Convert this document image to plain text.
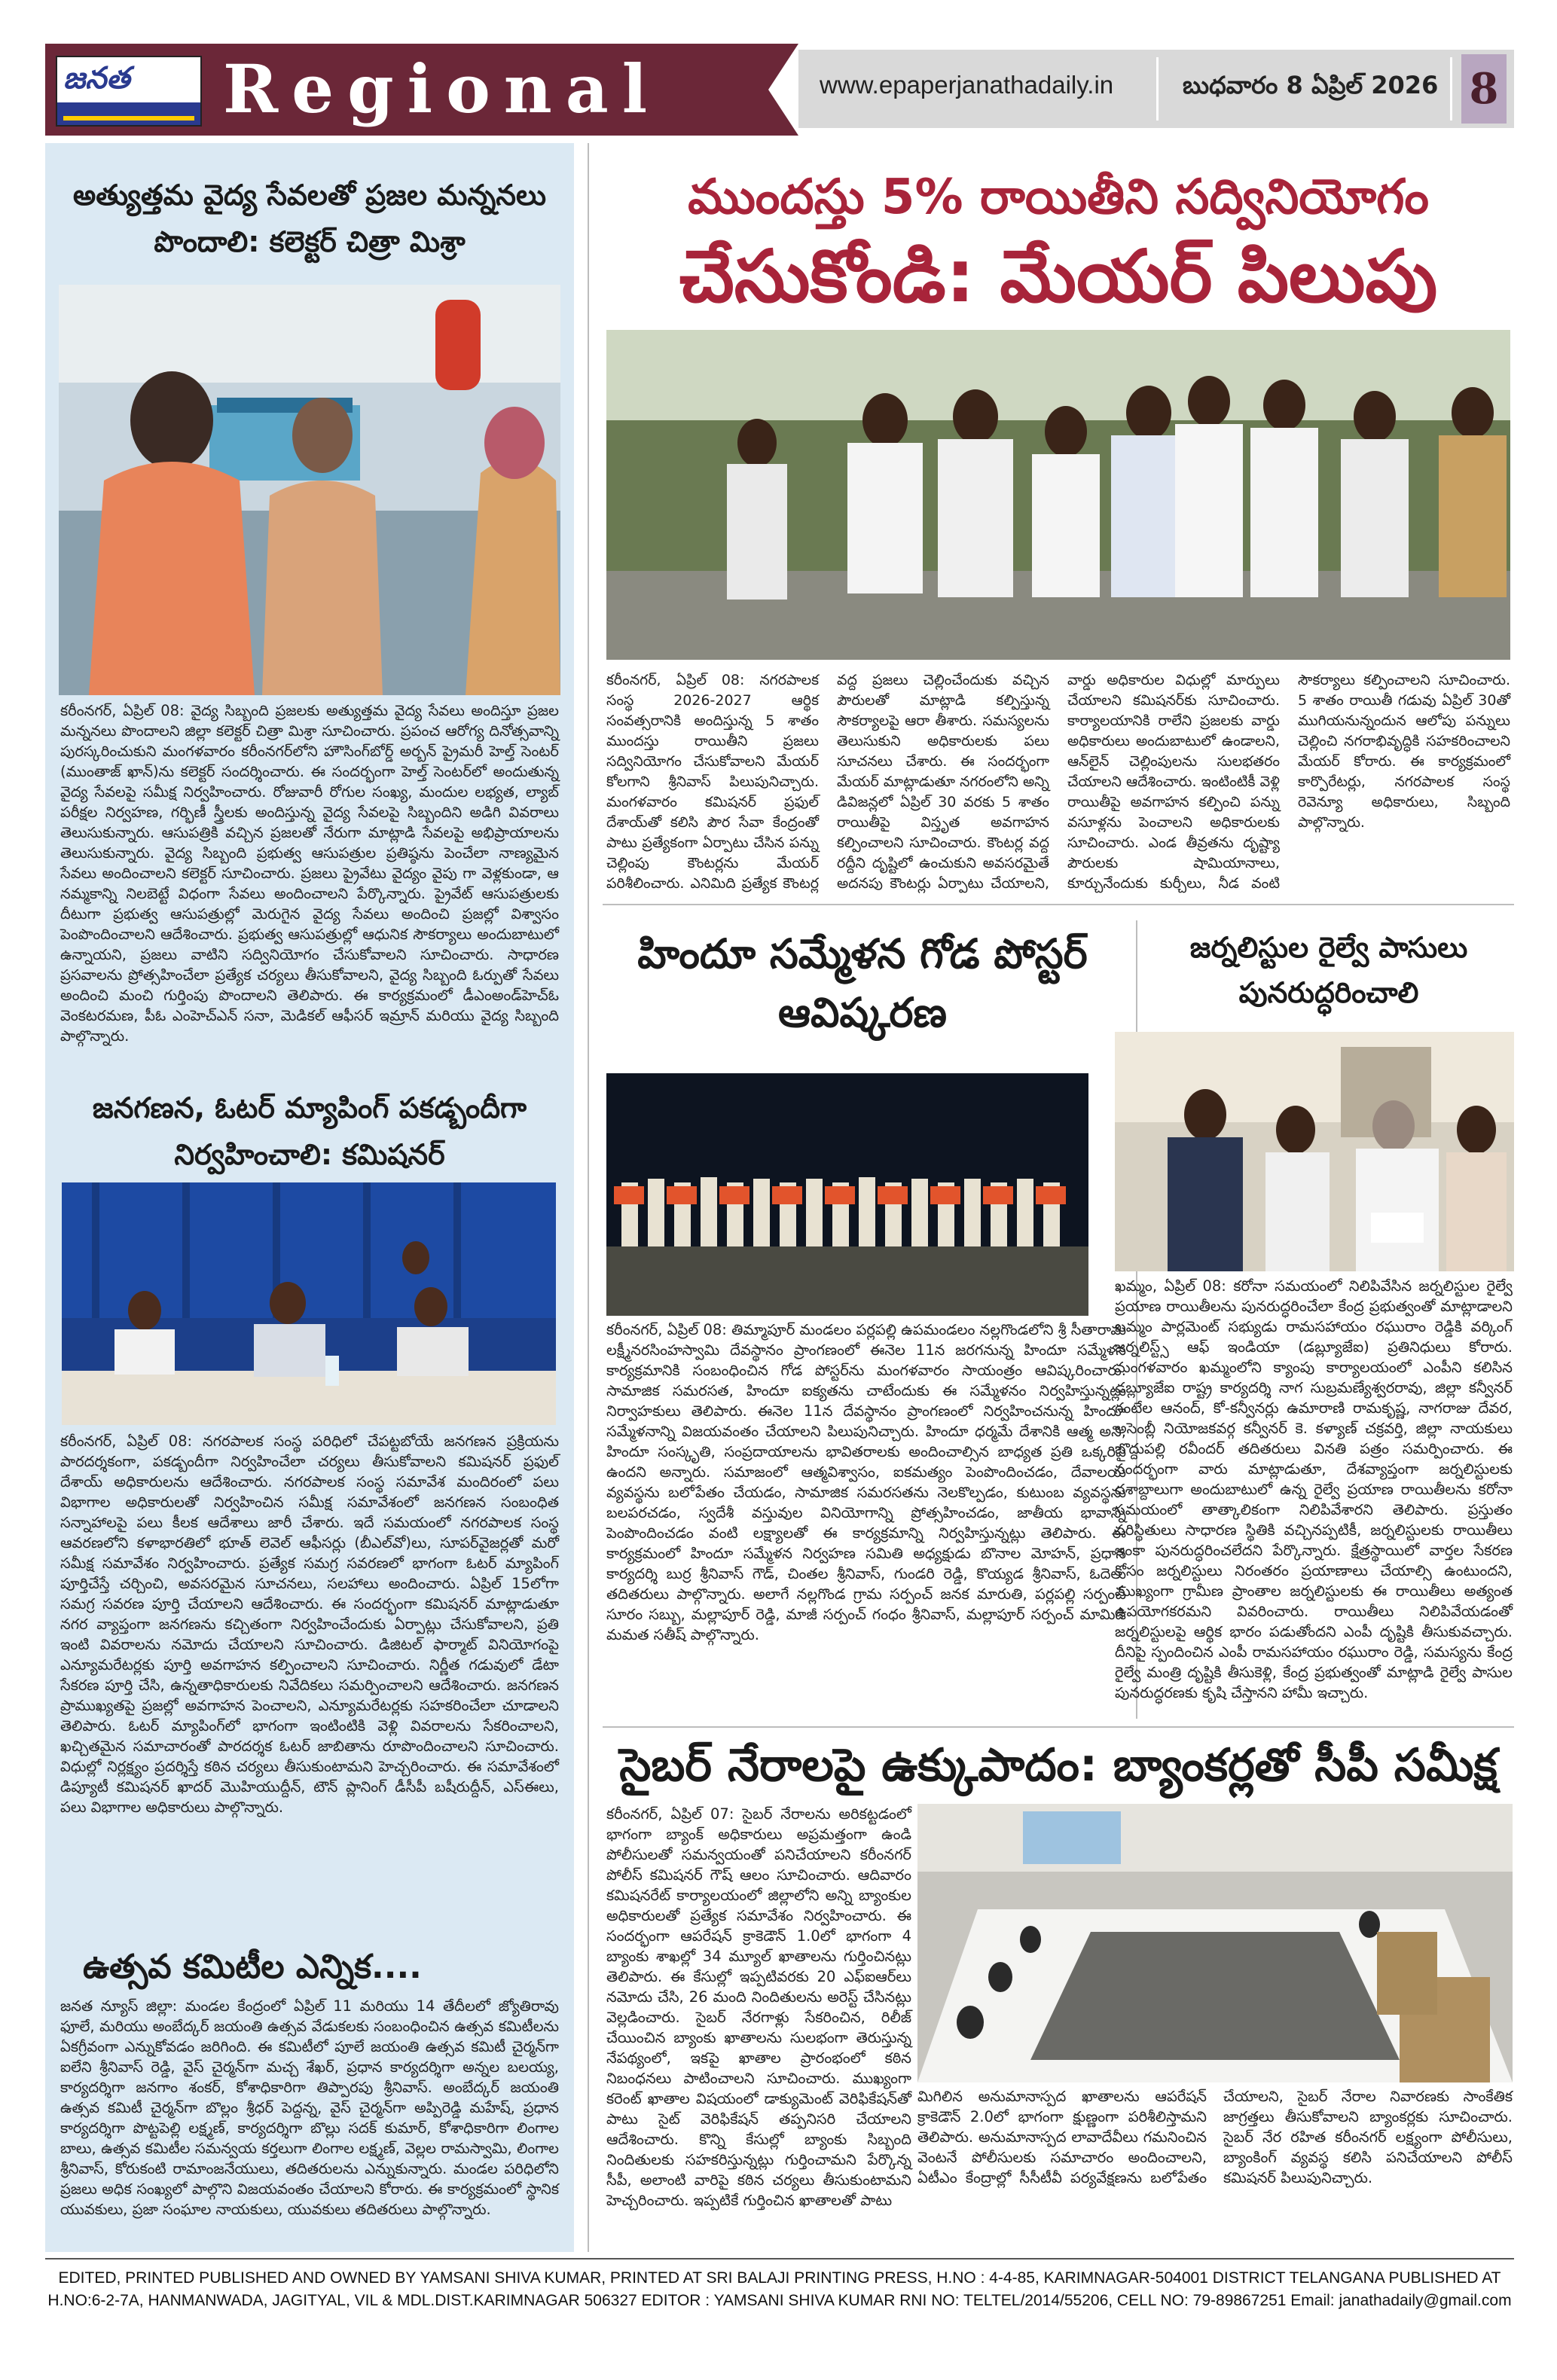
జనత Regional	www.epaperjanathadaily.in	బుధవారం 8 ఏప్రిల్ 2026 8
అత్యుత్తమ వైద్య సేవలతో ప్రజల మన్ననలు పొందాలి: కలెక్టర్ చిత్రా మిశ్రా
కరీంనగర్, ఏప్రిల్ 08: వైద్య సిబ్బంది ప్రజలకు అత్యుత్తమ వైద్య సేవలు అందిస్తూ ప్రజల మన్ననలు పొందాలని జిల్లా కలెక్టర్ చిత్రా మిశ్రా సూచించారు. ప్రపంచ ఆరోగ్య దినోత్సవాన్ని పురస్కరించుకుని మంగళవారం కరీంనగర్‌లోని హౌసింగ్‌బోర్డ్ అర్బన్ ప్రైమరీ హెల్త్ సెంటర్ (ముంతాజ్ ఖాన్)ను కలెక్టర్ సందర్శించారు. ఈ సందర్భంగా హెల్త్ సెంటర్‌లో అందుతున్న వైద్య సేవలపై సమీక్ష నిర్వహించారు. రోజువారీ రోగుల సంఖ్య, మందుల లభ్యత, ల్యాబ్ పరీక్షల నిర్వహణ, గర్భిణీ స్త్రీలకు అందిస్తున్న వైద్య సేవలపై సిబ్బందిని అడిగి వివరాలు తెలుసుకున్నారు. ఆసుపత్రికి వచ్చిన ప్రజలతో నేరుగా మాట్లాడి సేవలపై అభిప్రాయాలను తెలుసుకున్నారు. వైద్య సిబ్బంది ప్రభుత్వ ఆసుపత్రుల ప్రతిష్ఠను పెంచేలా నాణ్యమైన సేవలు అందించాలని కలెక్టర్ సూచించారు. ప్రజలు ప్రైవేటు వైద్యం వైపు గా వెళ్లకుండా, ఆ నమ్మకాన్ని నిలబెట్టే విధంగా సేవలు అందించాలని పేర్కొన్నారు. ప్రైవేట్ ఆసుపత్రులకు దీటుగా ప్రభుత్వ ఆసుపత్రుల్లో మెరుగైన వైద్య సేవలు అందించి ప్రజల్లో విశ్వాసం పెంపొందించాలని ఆదేశించారు. ప్రభుత్వ ఆసుపత్రుల్లో ఆధునిక సౌకర్యాలు అందుబాటులో ఉన్నాయని, ప్రజలు వాటిని సద్వినియోగం చేసుకోవాలని సూచించారు. సాధారణ ప్రసవాలను ప్రోత్సహించేలా ప్రత్యేక చర్యలు తీసుకోవాలని, వైద్య సిబ్బంది ఓర్పుతో సేవలు అందించి మంచి గుర్తింపు పొందాలని తెలిపారు. ఈ కార్యక్రమంలో డీఎంఅండ్‌హెచ్ఓ వెంకటరమణ, పీఓ ఎంహెచ్ఎన్ సనా, మెడికల్ ఆఫీసర్ ఇమ్రాన్ మరియు వైద్య సిబ్బంది పాల్గొన్నారు.
జనగణన, ఓటర్ మ్యాపింగ్ పకడ్బందీగా నిర్వహించాలి: కమిషనర్
కరీంనగర్, ఏప్రిల్ 08: నగరపాలక సంస్థ పరిధిలో చేపట్టబోయే జనగణన ప్రక్రియను పారదర్శకంగా, పకడ్బందీగా నిర్వహించేలా చర్యలు తీసుకోవాలని కమిషనర్ ప్రఫుల్ దేశాయ్ అధికారులను ఆదేశించారు. నగరపాలక సంస్థ సమావేశ మందిరంలో పలు విభాగాల అధికారులతో నిర్వహించిన సమీక్ష సమావేశంలో జనగణన సంబంధిత సన్నాహాలపై పలు కీలక ఆదేశాలు జారీ చేశారు. ఇదే సమయంలో నగరపాలక సంస్థ ఆవరణలోని కళాభారతిలో భూత్ లెవెల్ ఆఫీసర్లు (బీఎల్‌వో)లు, సూపర్‌వైజర్లతో మరో సమీక్ష సమావేశం నిర్వహించారు. ప్రత్యేక సమగ్ర సవరణలో భాగంగా ఓటర్ మ్యాపింగ్ పూర్తిచేస్తే చర్చించి, అవసరమైన సూచనలు, సలహాలు అందించారు. ఏప్రిల్ 15లోగా సమగ్ర సవరణ పూర్తి చేయాలని ఆదేశించారు. ఈ సందర్భంగా కమిషనర్ మాట్లాడుతూ నగర వ్యాప్తంగా జనగణను కచ్చితంగా నిర్వహించేందుకు ఏర్పాట్లు చేసుకోవాలని, ప్రతి ఇంటి వివరాలను నమోదు చేయాలని సూచించారు. డిజిటల్ ఫార్మాట్ వినియోగంపై ఎన్యూమరేటర్లకు పూర్తి అవగాహన కల్పించాలని సూచించారు. నిర్ణీత గడువులో డేటా సేకరణ పూర్తి చేసి, ఉన్నతాధికారులకు నివేదికలు సమర్పించాలని ఆదేశించారు. జనగణన ప్రాముఖ్యతపై ప్రజల్లో అవగాహన పెంచాలని, ఎన్యూమరేటర్లకు సహకరించేలా చూడాలని తెలిపారు. ఓటర్ మ్యాపింగ్‌లో భాగంగా ఇంటింటికి వెళ్లి వివరాలను సేకరించాలని, ఖచ్చితమైన సమాచారంతో పారదర్శక ఓటర్ జాబితాను రూపొందించాలని సూచించారు. విధుల్లో నిర్లక్ష్యం ప్రదర్శిస్తే కఠిన చర్యలు తీసుకుంటామని హెచ్చరించారు. ఈ సమావేశంలో డిప్యూటీ కమిషనర్ ఖాదర్ మొహియుద్దీన్, టౌన్ ప్లానింగ్ డీసీపీ బషీరుద్దీన్, ఎస్ఈలు, పలు విభాగాల అధికారులు పాల్గొన్నారు.
ఉత్సవ కమిటీల ఎన్నిక....
జనత న్యూస్ జిల్లా: మండల కేంద్రంలో ఏప్రిల్ 11 మరియు 14 తేదీలలో జ్యోతిరావు ఫూలే, మరియు అంబేద్కర్ జయంతి ఉత్సవ వేడుకలకు సంబంధించిన ఉత్సవ కమిటీలను ఏకగ్రీవంగా ఎన్నుకోవడం జరిగింది. ఈ కమిటీలో పూలే జయంతి ఉత్సవ కమిటీ చైర్మన్‌గా ఐలేని శ్రీనివాస్ రెడ్డి, వైస్ చైర్మన్‌గా మచ్చ శేఖర్, ప్రధాన కార్యదర్శిగా అన్నల బలయ్య, కార్యదర్శిగా జనగాం శంకర్, కోశాధికారిగా తిప్పారపు శ్రీనివాస్. అంబేద్కర్ జయంతి ఉత్సవ కమిటీ చైర్మన్‌గా బొల్లం శ్రీధర్ పెద్దన్న, వైస్ చైర్మన్‌గా అప్పిరెడ్డి మహేష్, ప్రధాన కార్యదర్శిగా పొట్టపెల్లి లక్ష్మణ్, కార్యదర్శిగా బొల్లు సదక్ కుమార్, కోశాధికారిగా లింగాల బాలు, ఉత్సవ కమిటీల సమన్వయ కర్తలుగా లింగాల లక్ష్మణ్, వెల్లల రామస్వామి, లింగాల శ్రీనివాస్, కోరుకంటి రామాంజనేయులు, తదితరులను ఎన్నుకున్నారు. మండల పరిధిలోని ప్రజలు అధిక సంఖ్యలో పాల్గొని విజయవంతం చేయాలని కోరారు. ఈ కార్యక్రమంలో స్థానిక యువకులు, ప్రజా సంఘాల నాయకులు, యువకులు తదితరులు పాల్గొన్నారు.
ముందస్తు 5% రాయితీని సద్వినియోగం
చేసుకోండి: మేయర్ పిలుపు
కరీంనగర్, ఏప్రిల్ 08: నగరపాలక సంస్థ 2026-2027 ఆర్థిక సంవత్సరానికి అందిస్తున్న 5 శాతం ముందస్తు రాయితీని ప్రజలు సద్వినియోగం చేసుకోవాలని మేయర్ కోలగాని శ్రీనివాస్ పిలుపునిచ్చారు. మంగళవారం కమిషనర్ ప్రఫుల్ దేశాయ్‌తో కలిసి పౌర సేవా కేంద్రంతో పాటు ప్రత్యేకంగా ఏర్పాటు చేసిన పన్ను చెల్లింపు కౌంటర్లను మేయర్ పరిశీలించారు. ఎనిమిది ప్రత్యేక కౌంటర్ల వద్ద ప్రజలు చెల్లించేందుకు వచ్చిన పౌరులతో మాట్లాడి కల్పిస్తున్న సౌకర్యాలపై ఆరా తీశారు. సమస్యలను తెలుసుకుని అధికారులకు పలు సూచనలు చేశారు. ఈ సందర్భంగా మేయర్ మాట్లాడుతూ నగరంలోని అన్ని డివిజన్లలో ఏప్రిల్ 30 వరకు 5 శాతం రాయితీపై విస్తృత అవగాహన కల్పించాలని సూచించారు. కౌంటర్ల వద్ద రద్దీని దృష్టిలో ఉంచుకుని అవసరమైతే అదనపు కౌంటర్లు ఏర్పాటు చేయాలని, వార్డు అధికారుల విధుల్లో మార్పులు చేయాలని కమిషనర్‌కు సూచించారు. కార్యాలయానికి రాలేని ప్రజలకు వార్డు అధికారులు అందుబాటులో ఉండాలని, ఆన్‌లైన్ చెల్లింపులను సులభతరం చేయాలని ఆదేశించారు. ఇంటింటికీ వెళ్లి రాయితీపై అవగాహన కల్పించి పన్ను వసూళ్లను పెంచాలని అధికారులకు సూచించారు. ఎండ తీవ్రతను దృష్ట్యా పౌరులకు షామియానాలు, కూర్చునేందుకు కుర్చీలు, నీడ వంటి సౌకర్యాలు కల్పించాలని సూచించారు. 5 శాతం రాయితీ గడువు ఏప్రిల్ 30తో ముగియనున్నందున ఆలోపు పన్నులు చెల్లించి నగరాభివృద్ధికి సహకరించాలని మేయర్ కోరారు. ఈ కార్యక్రమంలో కార్పొరేటర్లు, నగరపాలక సంస్థ రెవెన్యూ అధికారులు, సిబ్బంది పాల్గొన్నారు.
హిందూ సమ్మేళన గోడ పోస్టర్ ఆవిష్కరణ
కరీంనగర్, ఏప్రిల్ 08: తిమ్మాపూర్ మండలం పర్లపల్లి ఉపమండలం నల్లగొండలోని శ్రీ సీతారామ లక్ష్మీనరసింహస్వామి దేవస్థానం ప్రాంగణంలో ఈనెల 11న జరగనున్న హిందూ సమ్మేళన కార్యక్రమానికి సంబంధించిన గోడ పోస్టర్‌ను మంగళవారం సాయంత్రం ఆవిష్కరించారు. సామాజిక సమరసత, హిందూ ఐక్యతను చాటేందుకు ఈ సమ్మేళనం నిర్వహిస్తున్నట్లు నిర్వాహకులు తెలిపారు. ఈనెల 11న దేవస్థానం ప్రాంగణంలో నిర్వహించనున్న హిందూ సమ్మేళనాన్ని విజయవంతం చేయాలని పిలుపునిచ్చారు. హిందూ ధర్మమే దేశానికి ఆత్మ అని, హిందూ సంస్కృతి, సంప్రదాయాలను భావితరాలకు అందించాల్సిన బాధ్యత ప్రతి ఒక్కరిపై ఉందని అన్నారు. సమాజంలో ఆత్మవిశ్వాసం, ఐకమత్యం పెంపొందించడం, దేవాలయ వ్యవస్థను బలోపేతం చేయడం, సామాజిక సమరసతను నెలకొల్పడం, కుటుంబ వ్యవస్థను బలపరచడం, స్వదేశీ వస్తువుల వినియోగాన్ని ప్రోత్సహించడం, జాతీయ భావాన్ని పెంపొందించడం వంటి లక్ష్యాలతో ఈ కార్యక్రమాన్ని నిర్వహిస్తున్నట్లు తెలిపారు. ఈ కార్యక్రమంలో హిందూ సమ్మేళన నిర్వహణ సమితి అధ్యక్షుడు బొనాల మోహన్, ప్రధాన కార్యదర్శి బుర్ర శ్రీనివాస్ గౌడ్, చింతల శ్రీనివాస్, గుండరి రెడ్డి, కొయ్యడ శ్రీనివాస్, ఓదెలు తదితరులు పాల్గొన్నారు. అలాగే నల్లగొండ గ్రామ సర్పంచ్ జనక మారుతి, పర్లపల్లి సర్పంచ్ సూరం సబ్బు, మల్లాపూర్ రెడ్డి, మాజీ సర్పంచ్ గంధం శ్రీనివాస్, మల్లాపూర్ సర్పంచ్ మామిడి మమత సతీష్ పాల్గొన్నారు.
జర్నలిస్టుల రైల్వే పాసులు పునరుద్ధరించాలి
ఖమ్మం, ఏప్రిల్ 08: కరోనా సమయంలో నిలిపివేసిన జర్నలిస్టుల రైల్వే ప్రయాణ రాయితీలను పునరుద్ధరించేలా కేంద్ర ప్రభుత్వంతో మాట్లాడాలని ఖమ్మం పార్లమెంట్ సభ్యుడు రామసహాయం రఘురాం రెడ్డికి వర్కింగ్ జర్నలిస్ట్స్ ఆఫ్ ఇండియా (డబ్ల్యూజేఐ) ప్రతినిధులు కోరారు. మంగళవారం ఖమ్మంలోని క్యాంపు కార్యాలయంలో ఎంపీని కలిసిన డబ్ల్యూజేఐ రాష్ట్ర కార్యదర్శి నాగ సుబ్రమణ్యేశ్వరరావు, జిల్లా కన్వీనర్ గంటేల ఆనంద్, కో-కన్వీనర్లు ఉమారాణి రామకృష్ణ, నాగరాజు దేవర, అసెంబ్లీ నియోజకవర్గ కన్వీనర్ కె. కళ్యాణ్ చక్రవర్తి, జిల్లా నాయకులు బొద్దుపల్లి రవీందర్ తదితరులు వినతి పత్రం సమర్పించారు. ఈ సందర్భంగా వారు మాట్లాడుతూ, దేశవ్యాప్తంగా జర్నలిస్టులకు దశాబ్దాలుగా అందుబాటులో ఉన్న రైల్వే ప్రయాణ రాయితీలను కరోనా సమయంలో తాత్కాలికంగా నిలిపివేశారని తెలిపారు. ప్రస్తుతం పరిస్థితులు సాధారణ స్థితికి వచ్చినప్పటికీ, జర్నలిస్టులకు రాయితీలు ఇంకా పునరుద్ధరించలేదని పేర్కొన్నారు. క్షేత్రస్థాయిలో వార్తల సేకరణ కోసం జర్నలిస్టులు నిరంతరం ప్రయాణాలు చేయాల్సి ఉంటుందని, ముఖ్యంగా గ్రామీణ ప్రాంతాల జర్నలిస్టులకు ఈ రాయితీలు అత్యంత ఉపయోగకరమని వివరించారు. రాయితీలు నిలిపివేయడంతో జర్నలిస్టులపై ఆర్థిక భారం పడుతోందని ఎంపీ దృష్టికి తీసుకువచ్చారు. దీనిపై స్పందించిన ఎంపీ రామసహాయం రఘురాం రెడ్డి, సమస్యను కేంద్ర రైల్వే మంత్రి దృష్టికి తీసుకెళ్లి, కేంద్ర ప్రభుత్వంతో మాట్లాడి రైల్వే పాసుల పునరుద్ధరణకు కృషి చేస్తానని హామీ ఇచ్చారు.
సైబర్ నేరాలపై ఉక్కుపాదం: బ్యాంకర్లతో సీపీ సమీక్ష
కరీంనగర్, ఏప్రిల్ 07: సైబర్ నేరాలను అరికట్టడంలో భాగంగా బ్యాంక్ అధికారులు అప్రమత్తంగా ఉండి పోలీసులతో సమన్వయంతో పనిచేయాలని కరీంనగర్ పోలీస్ కమిషనర్ గౌష్ ఆలం సూచించారు. ఆదివారం కమిషనరేట్ కార్యాలయంలో జిల్లాలోని అన్ని బ్యాంకుల అధికారులతో ప్రత్యేక సమావేశం నిర్వహించారు. ఈ సందర్భంగా ఆపరేషన్ క్రాకెడౌన్ 1.0లో భాగంగా 4 బ్యాంకు శాఖల్లో 34 మ్యూల్ ఖాతాలను గుర్తించినట్లు తెలిపారు. ఈ కేసుల్లో ఇప్పటివరకు 20 ఎఫ్ఐఆర్‌లు నమోదు చేసి, 26 మంది నిందితులను అరెస్ట్ చేసినట్లు వెల్లడించారు. సైబర్ నేరగాళ్లు సేకరించిన, రిలీజ్ చేయించిన బ్యాంకు ఖాతాలను సులభంగా తెరుస్తున్న నేపథ్యంలో, ఇకపై ఖాతాల ప్రారంభంలో కఠిన నిబంధనలు పాటించాలని సూచించారు. ముఖ్యంగా కరెంట్ ఖాతాల విషయంలో డాక్యుమెంట్ వెరిఫికేషన్‌తో పాటు సైట్ వెరిఫికేషన్ తప్పనిసరి చేయాలని ఆదేశించారు. కొన్ని కేసుల్లో బ్యాంకు సిబ్బంది నిందితులకు సహకరిస్తున్నట్లు గుర్తించామని పేర్కొన్న సీపీ, అలాంటి వారిపై కఠిన చర్యలు తీసుకుంటామని హెచ్చరించారు. ఇప్పటికే గుర్తించిన ఖాతాలతో పాటు
మిగిలిన అనుమానాస్పద ఖాతాలను ఆపరేషన్ క్రాకెడౌన్ 2.0లో భాగంగా క్షుణ్ణంగా పరిశీలిస్తామని తెలిపారు. అనుమానాస్పద లావాదేవీలు గమనించిన వెంటనే పోలీసులకు సమాచారం అందించాలని, ఏటీఎం కేంద్రాల్లో సీసీటీవీ పర్యవేక్షణను బలోపేతం చేయాలని, సైబర్ నేరాల నివారణకు సాంకేతిక జాగ్రత్తలు తీసుకోవాలని బ్యాంకర్లకు సూచించారు. సైబర్ నేర రహిత కరీంనగర్ లక్ష్యంగా పోలీసులు, బ్యాంకింగ్ వ్యవస్థ కలిసి పనిచేయాలని పోలీస్ కమిషనర్ పిలుపునిచ్చారు.
EDITED, PRINTED PUBLISHED AND OWNED BY YAMSANI SHIVA KUMAR, PRINTED AT SRI BALAJI PRINTING PRESS, H.NO : 4-4-85, KARIMNAGAR-504001 DISTRICT TELANGANA PUBLISHED AT
H.NO:6-2-7A, HANMANWADA, JAGITYAL, VIL & MDL.DIST.KARIMNAGAR 506327 EDITOR : YAMSANI SHIVA KUMAR RNI NO: TELTEL/2014/55206, CELL NO: 79-89867251 Email: janathadaily@gmail.com
